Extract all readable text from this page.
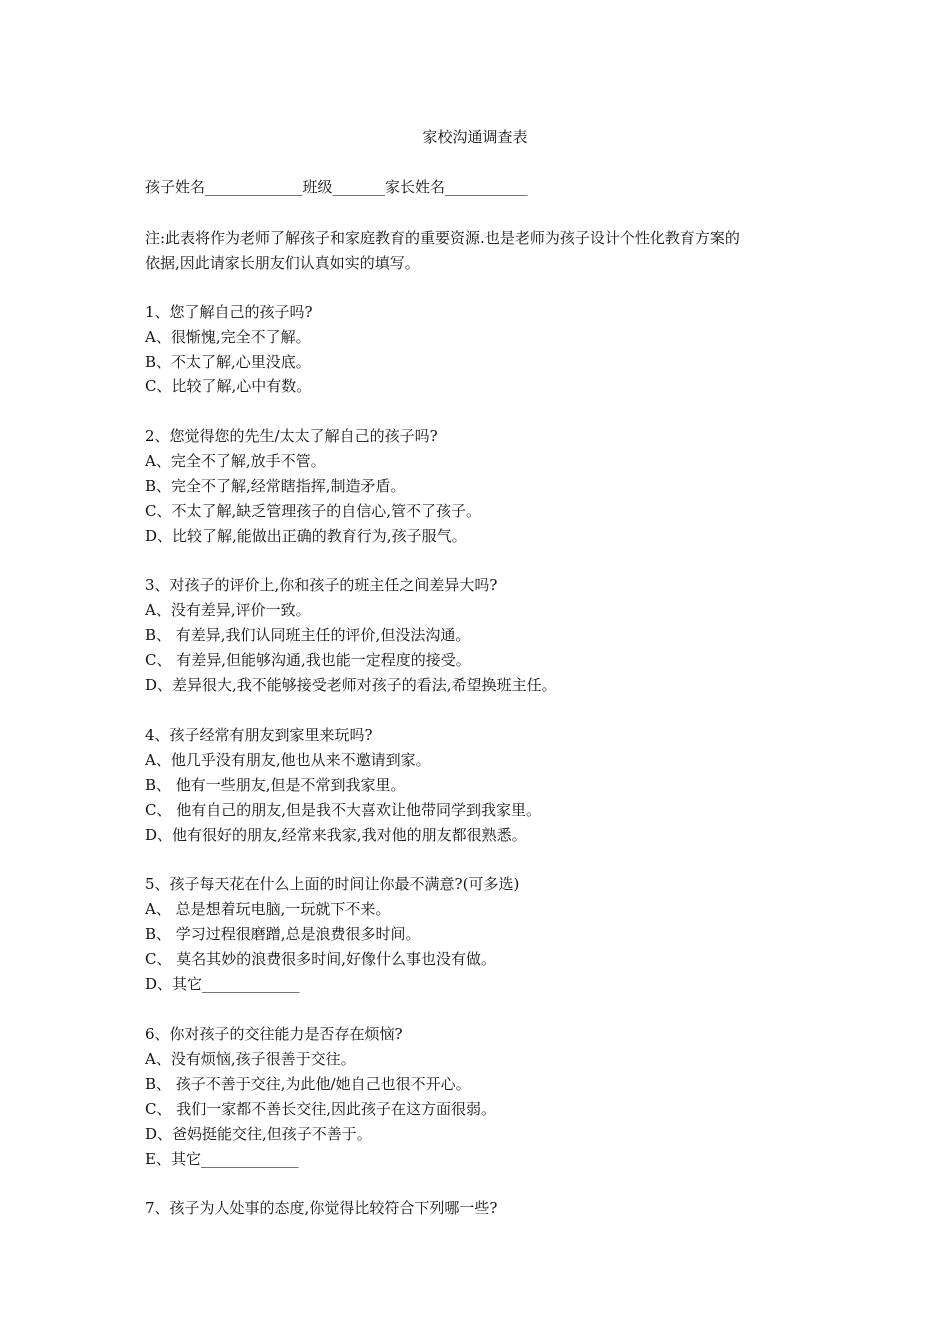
家校沟通调查表
孩子姓名_____________班级_______家长姓名___________
注:此表将作为老师了解孩子和家庭教育的重要资源.也是老师为孩子设计个性化教育方案的
依据,因此请家长朋友们认真如实的填写。
1、您了解自己的孩子吗?
A、很惭愧,完全不了解。
B、不太了解,心里没底。
C、比较了解,心中有数。
2、您觉得您的先生/太太了解自己的孩子吗?
A、完全不了解,放手不管。
B、完全不了解,经常瞎指挥,制造矛盾。
C、不太了解,缺乏管理孩子的自信心,管不了孩子。
D、比较了解,能做出正确的教育行为,孩子服气。
3、对孩子的评价上,你和孩子的班主任之间差异大吗?
A、没有差异,评价一致。
B、 有差异,我们认同班主任的评价,但没法沟通。
C、 有差异,但能够沟通,我也能一定程度的接受。
D、差异很大,我不能够接受老师对孩子的看法,希望换班主任。
4、孩子经常有朋友到家里来玩吗?
A、他几乎没有朋友,他也从来不邀请到家。
B、 他有一些朋友,但是不常到我家里。
C、 他有自己的朋友,但是我不大喜欢让他带同学到我家里。
D、他有很好的朋友,经常来我家,我对他的朋友都很熟悉。
5、孩子每天花在什么上面的时间让你最不满意?(可多选)
A、 总是想着玩电脑,一玩就下不来。
B、 学习过程很磨蹭,总是浪费很多时间。
C、 莫名其妙的浪费很多时间,好像什么事也没有做。
D、其它_____________
6、你对孩子的交往能力是否存在烦恼?
A、没有烦恼,孩子很善于交往。
B、 孩子不善于交往,为此他/她自己也很不开心。
C、 我们一家都不善长交往,因此孩子在这方面很弱。
D、爸妈挺能交往,但孩子不善于。
E、其它_____________
7、孩子为人处事的态度,你觉得比较符合下列哪一些?
